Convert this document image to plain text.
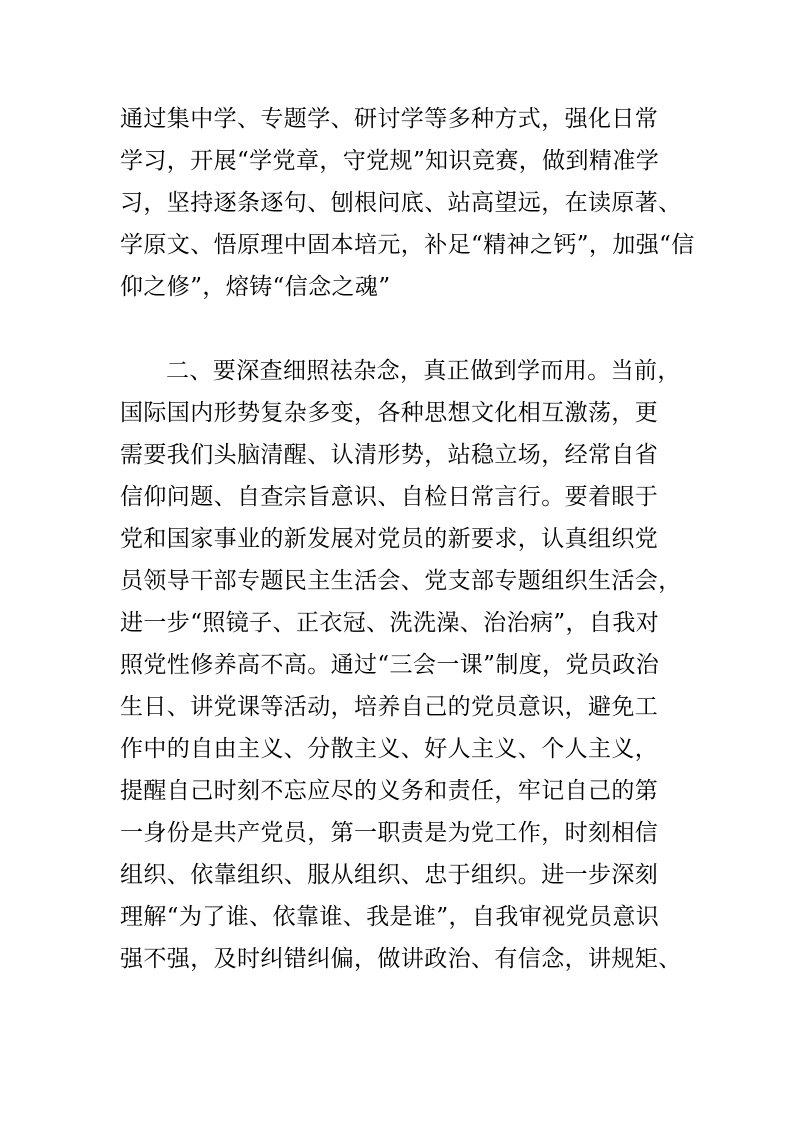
通过集中学、专题学、研讨学等多种方式，强化日常
学习，开展“学党章，守党规”知识竞赛，做到精准学
习，坚持逐条逐句、刨根问底、站高望远，在读原著、
学原文、悟原理中固本培元，补足“精神之钙”，加强“信
仰之修”，熔铸“信念之魂”
二、要深查细照祛杂念，真正做到学而用。当前，
国际国内形势复杂多变，各种思想文化相互激荡，更
需要我们头脑清醒、认清形势，站稳立场，经常自省
信仰问题、自查宗旨意识、自检日常言行。要着眼于
党和国家事业的新发展对党员的新要求，认真组织党
员领导干部专题民主生活会、党支部专题组织生活会，
进一步“照镜子、正衣冠、洗洗澡、治治病”，自我对
照党性修养高不高。通过“三会一课”制度，党员政治
生日、讲党课等活动，培养自己的党员意识，避免工
作中的自由主义、分散主义、好人主义、个人主义，
提醒自己时刻不忘应尽的义务和责任，牢记自己的第
一身份是共产党员，第一职责是为党工作，时刻相信
组织、依靠组织、服从组织、忠于组织。进一步深刻
理解“为了谁、依靠谁、我是谁”，自我审视党员意识
强不强，及时纠错纠偏，做讲政治、有信念，讲规矩、
